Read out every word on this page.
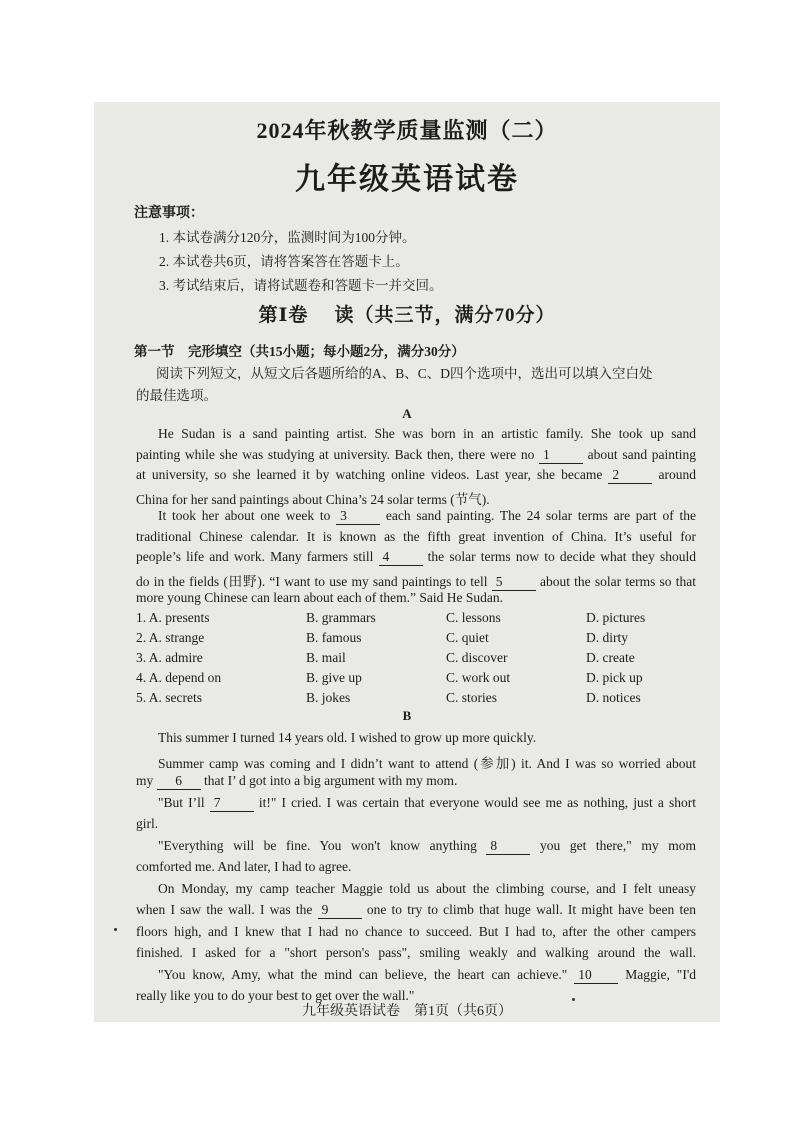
2024年秋教学质量监测（二）
九年级英语试卷
注意事项：
1. 本试卷满分120分，监测时间为100分钟。
2. 本试卷共6页，请将答案答在答题卡上。
3. 考试结束后，请将试题卷和答题卡一并交回。
第Ⅰ卷 读（共三节，满分70分）
第一节　完形填空（共15小题；每小题2分，满分30分）
阅读下列短文，从短文后各题所给的A、B、C、D四个选项中，选出可以填入空白处
的最佳选项。
A
He Sudan is a sand painting artist. She was born in an artistic family. She took up sand
painting while she was studying at university. Back then, there were no 1 about sand painting
at university, so she learned it by watching online videos. Last year, she became 2 around
China for her sand paintings about China’s 24 solar terms (节气).
It took her about one week to 3 each sand painting. The 24 solar terms are part of the
traditional Chinese calendar. It is known as the fifth great invention of China. It’s useful for
people’s life and work. Many farmers still 4 the solar terms now to decide what they should
do in the fields (田野). “I want to use my sand paintings to tell 5 about the solar terms so that
more young Chinese can learn about each of them.” Said He Sudan.
1. A. presents	B. grammars	C. lessons	D. pictures
2. A. strange	B. famous	C. quiet	D. dirty
3. A. admire	B. mail	C. discover	D. create
4. A. depend on	B. give up	C. work out	D. pick up
5. A. secrets	B. jokes	C. stories	D. notices
B
This summer I turned 14 years old. I wished to grow up more quickly.
Summer camp was coming and I didn’t want to attend (参加) it. And I was so worried about
my 6 that I’ d got into a big argument with my mom.
"But I’ll 7 it!" I cried. I was certain that everyone would see me as nothing, just a short
girl.
"Everything will be fine. You won't know anything 8 you get there," my mom
comforted me. And later, I had to agree.
On Monday, my camp teacher Maggie told us about the climbing course, and I felt uneasy
when I saw the wall. I was the 9 one to try to climb that huge wall. It might have been ten
floors high, and I knew that I had no chance to succeed. But I had to, after the other campers
finished. I asked for a "short person's pass", smiling weakly and walking around the wall.
"You know, Amy, what the mind can believe, the heart can achieve." 10 Maggie, "I'd
really like you to do your best to get over the wall."
九年级英语试卷　第1页（共6页）
